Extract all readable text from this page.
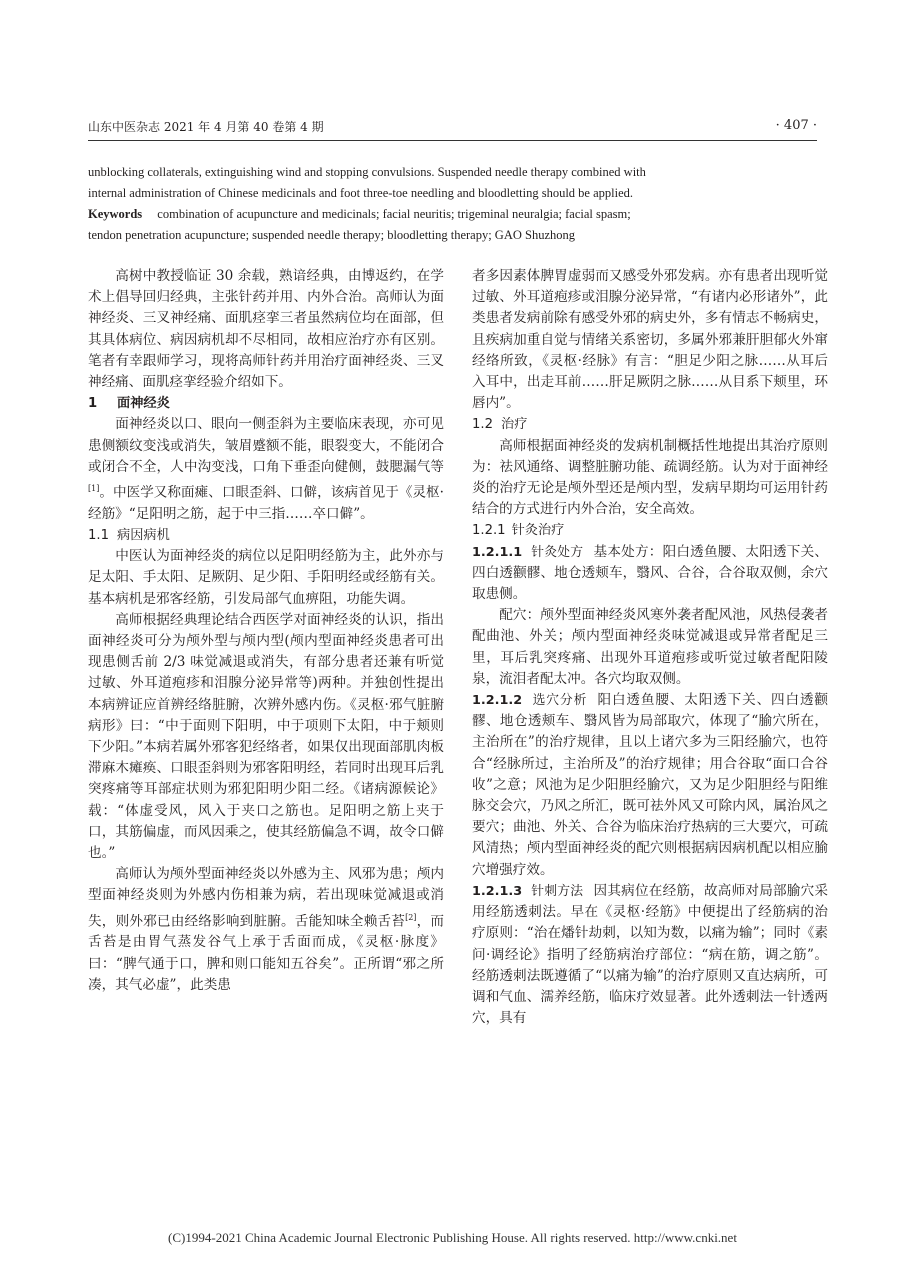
山东中医杂志 2021 年 4 月第 40 卷第 4 期	· 407 ·
unblocking collaterals, extinguishing wind and stopping convulsions. Suspended needle therapy combined with
internal administration of Chinese medicinals and foot three-toe needling and bloodletting should be applied.
Keywords combination of acupuncture and medicinals; facial neuritis; trigeminal neuralgia; facial spasm;
tendon penetration acupuncture; suspended needle therapy; bloodletting therapy; GAO Shuzhong

高树中教授临证 30 余载，熟谙经典，由博返约，在学术上倡导回归经典，主张针药并用、内外合治。高师认为面神经炎、三叉神经痛、面肌痉挛三者虽然病位均在面部，但其具体病位、病因病机却不尽相同，故相应治疗亦有区别。笔者有幸跟师学习，现将高师针药并用治疗面神经炎、三叉神经痛、面肌痉挛经验介绍如下。

1 面神经炎

面神经炎以口、眼向一侧歪斜为主要临床表现，亦可见患侧额纹变浅或消失，皱眉蹙额不能，眼裂变大，不能闭合或闭合不全，人中沟变浅，口角下垂歪向健侧，鼓腮漏气等[1]。中医学又称面瘫、口眼歪斜、口僻，该病首见于《灵枢·经筋》“足阳明之筋，起于中三指……卒口僻”。

1.1 病因病机

中医认为面神经炎的病位以足阳明经筋为主，此外亦与足太阳、手太阳、足厥阴、足少阳、手阳明经或经筋有关。基本病机是邪客经筋，引发局部气血痹阻，功能失调。

高师根据经典理论结合西医学对面神经炎的认识，指出面神经炎可分为颅外型与颅内型(颅内型面神经炎患者可出现患侧舌前 2/3 味觉减退或消失，有部分患者还兼有听觉过敏、外耳道疱疹和泪腺分泌异常等)两种。并独创性提出本病辨证应首辨经络脏腑，次辨外感内伤。《灵枢·邪气脏腑病形》曰：“中于面则下阳明，中于项则下太阳，中于颊则下少阳。”本病若属外邪客犯经络者，如果仅出现面部肌肉板滞麻木瘫痪、口眼歪斜则为邪客阳明经，若同时出现耳后乳突疼痛等耳部症状则为邪犯阳明少阳二经。《诸病源候论》载：“体虚受风，风入于夹口之筋也。足阳明之筋上夹于口，其筋偏虚，而风因乘之，使其经筋偏急不调，故令口僻也。”

高师认为颅外型面神经炎以外感为主、风邪为患；颅内型面神经炎则为外感内伤相兼为病，若出现味觉减退或消失，则外邪已由经络影响到脏腑。舌能知味全赖舌苔[2]，而舌苔是由胃气蒸发谷气上承于舌面而成，《灵枢·脉度》曰：“脾气通于口，脾和则口能知五谷矣”。正所谓“邪之所凑，其气必虚”，此类患

者多因素体脾胃虚弱而又感受外邪发病。亦有患者出现听觉过敏、外耳道疱疹或泪腺分泌异常，“有诸内必形诸外”，此类患者发病前除有感受外邪的病史外，多有情志不畅病史，且疾病加重自觉与情绪关系密切，多属外邪兼肝胆郁火外窜经络所致，《灵枢·经脉》有言：“胆足少阳之脉……从耳后入耳中，出走耳前……肝足厥阴之脉……从目系下颊里，环唇内”。

1.2 治疗

高师根据面神经炎的发病机制概括性地提出其治疗原则为：祛风通络、调整脏腑功能、疏调经筋。认为对于面神经炎的治疗无论是颅外型还是颅内型，发病早期均可运用针药结合的方式进行内外合治，安全高效。

1.2.1 针灸治疗

1.2.1.1 针灸处方 基本处方：阳白透鱼腰、太阳透下关、四白透颧髎、地仓透颊车，翳风、合谷，合谷取双侧，余穴取患侧。

配穴：颅外型面神经炎风寒外袭者配风池，风热侵袭者配曲池、外关；颅内型面神经炎味觉减退或异常者配足三里，耳后乳突疼痛、出现外耳道疱疹或听觉过敏者配阳陵泉，流泪者配太冲。各穴均取双侧。

1.2.1.2 选穴分析 阳白透鱼腰、太阳透下关、四白透颧髎、地仓透颊车、翳风皆为局部取穴，体现了“腧穴所在，主治所在”的治疗规律，且以上诸穴多为三阳经腧穴，也符合“经脉所过，主治所及”的治疗规律；用合谷取“面口合谷收”之意；风池为足少阳胆经腧穴，又为足少阳胆经与阳维脉交会穴，乃风之所汇，既可祛外风又可除内风，属治风之要穴；曲池、外关、合谷为临床治疗热病的三大要穴，可疏风清热；颅内型面神经炎的配穴则根据病因病机配以相应腧穴增强疗效。

1.2.1.3 针刺方法 因其病位在经筋，故高师对局部腧穴采用经筋透刺法。早在《灵枢·经筋》中便提出了经筋病的治疗原则：“治在燔针劫刺，以知为数，以痛为输”；同时《素问·调经论》指明了经筋病治疗部位：“病在筋，调之筋”。经筋透刺法既遵循了“以痛为输”的治疗原则又直达病所，可调和气血、濡养经筋，临床疗效显著。此外透刺法一针透两穴，具有

(C)1994-2021 China Academic Journal Electronic Publishing House. All rights reserved. http://www.cnki.net
